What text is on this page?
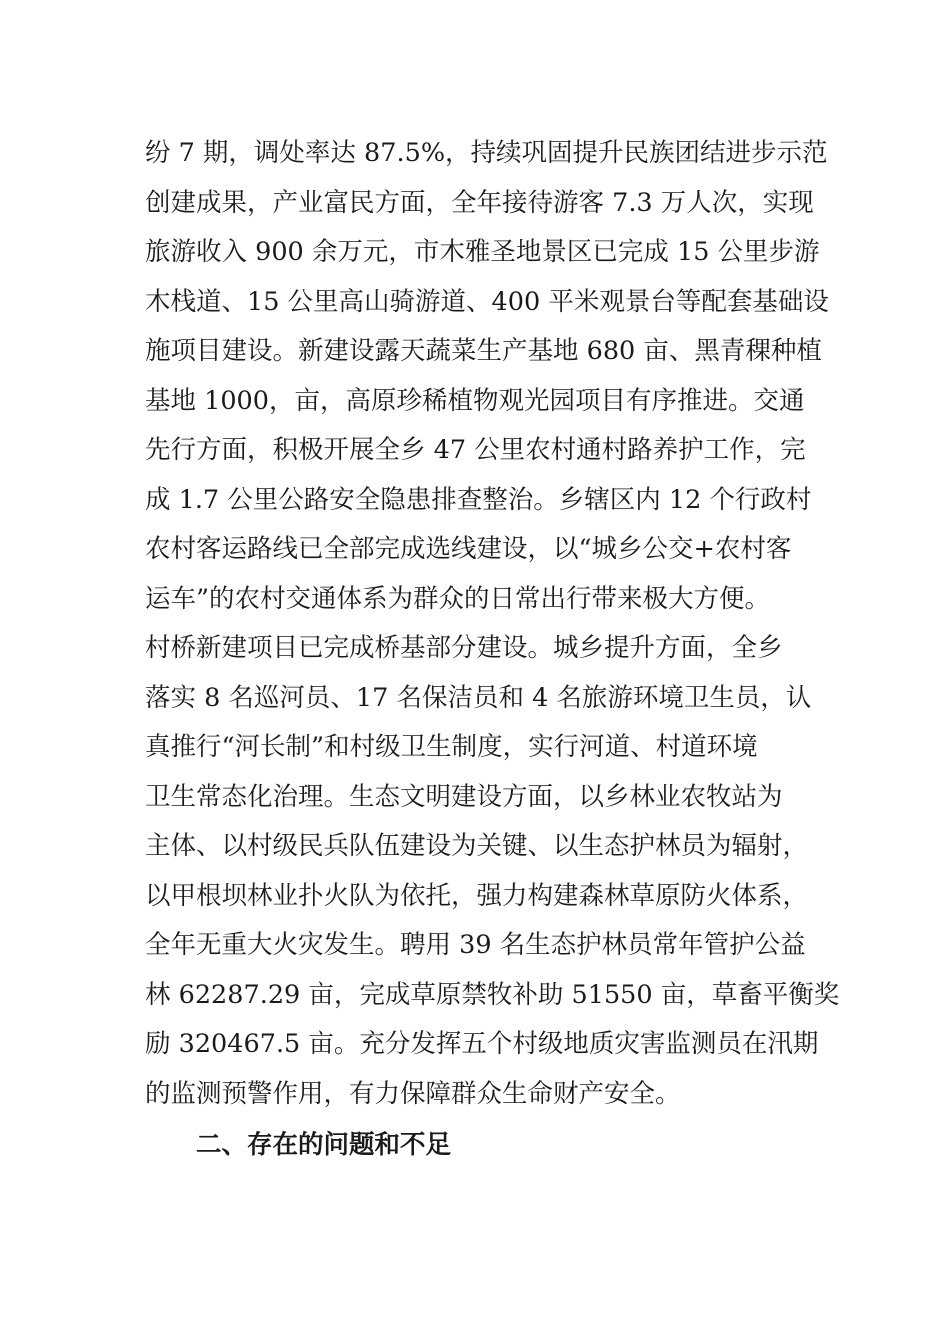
纷 7 期，调处率达 87.5%，持续巩固提升民族团结进步示范
创建成果，产业富民方面，全年接待游客 7.3 万人次，实现
旅游收入 900 余万元，市木雅圣地景区已完成 15 公里步游
木栈道、15 公里高山骑游道、400 平米观景台等配套基础设
施项目建设。新建设露天蔬菜生产基地 680 亩、黑青稞种植
基地 1000，亩，高原珍稀植物观光园项目有序推进。交通
先行方面，积极开展全乡 47 公里农村通村路养护工作，完
成 1.7 公里公路安全隐患排查整治。乡辖区内 12 个行政村
农村客运路线已全部完成选线建设，以“城乡公交+农村客
运车”的农村交通体系为群众的日常出行带来极大方便。
村桥新建项目已完成桥基部分建设。城乡提升方面，全乡
落实 8 名巡河员、17 名保洁员和 4 名旅游环境卫生员，认
真推行“河长制”和村级卫生制度，实行河道、村道环境
卫生常态化治理。生态文明建设方面，以乡林业农牧站为
主体、以村级民兵队伍建设为关键、以生态护林员为辐射，
以甲根坝林业扑火队为依托，强力构建森林草原防火体系，
全年无重大火灾发生。聘用 39 名生态护林员常年管护公益
林 62287.29 亩，完成草原禁牧补助 51550 亩，草畜平衡奖
励 320467.5 亩。充分发挥五个村级地质灾害监测员在汛期
的监测预警作用，有力保障群众生命财产安全。
二、存在的问题和不足
